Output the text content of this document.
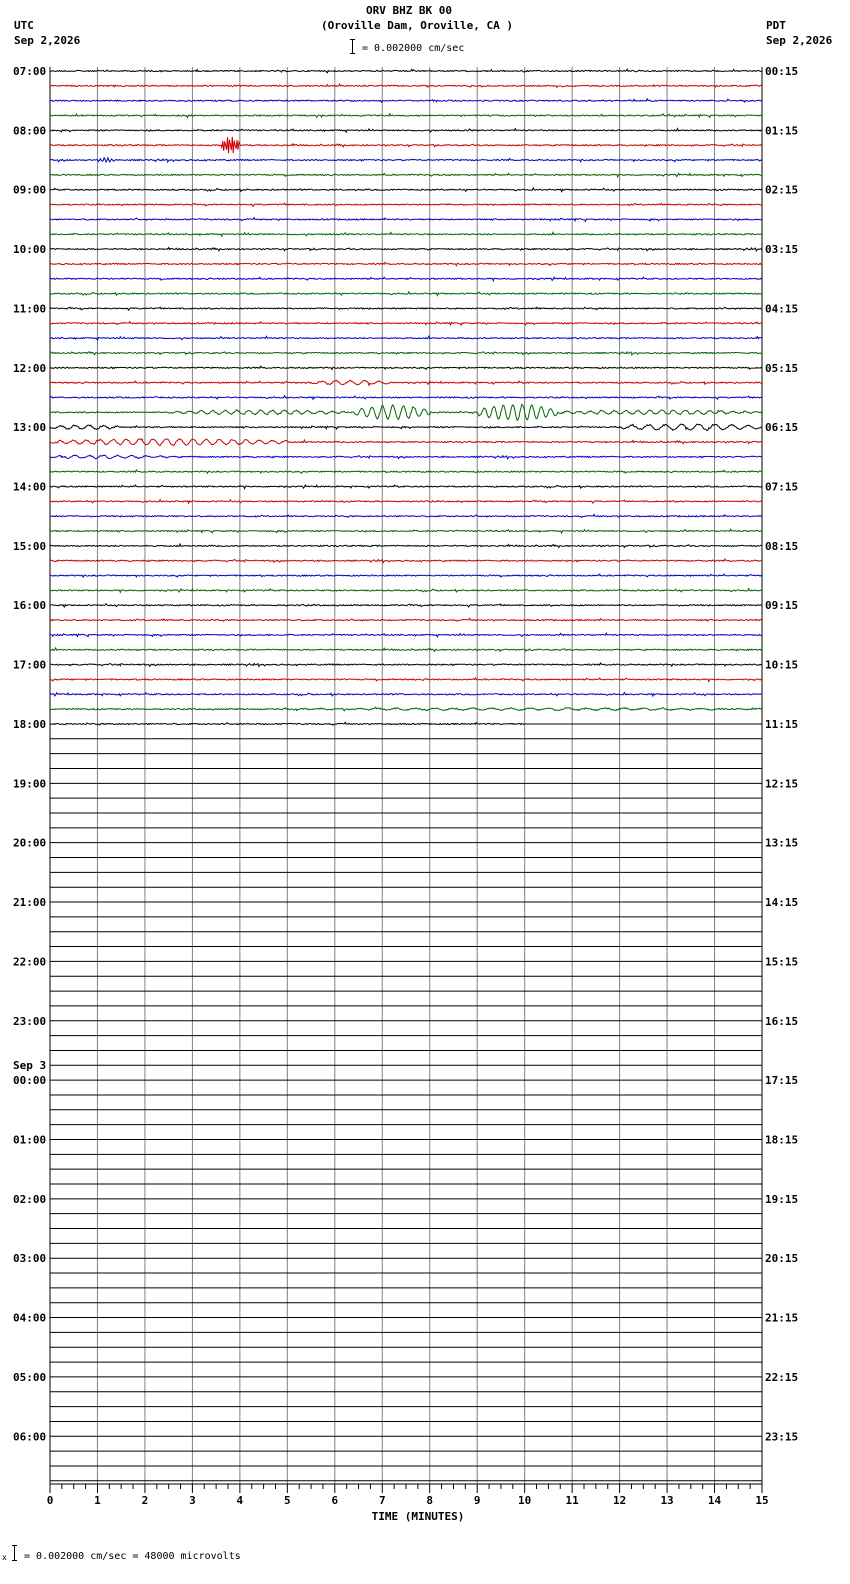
UTC
Sep 2,2026
PDT
Sep 2,2026
ORV BHZ BK 00
(Oroville Dam, Oroville, CA )
= 0.002000 cm/sec
0	1	2	3	4	5	6	7	8	9	10	11	12	13	14	15
07:00
08:00
09:00
10:00
11:00
12:00
13:00
14:00
15:00
16:00
17:00
18:00
19:00
20:00
21:00
22:00
23:00
00:00
01:00
02:00
03:00
04:00
05:00
06:00
Sep 3
00:15
01:15
02:15
03:15
04:15
05:15
06:15
07:15
08:15
09:15
10:15
11:15
12:15
13:15
14:15
15:15
16:15
17:15
18:15
19:15
20:15
21:15
22:15
23:15
TIME (MINUTES)
x = 0.002000 cm/sec = 48000 microvolts
